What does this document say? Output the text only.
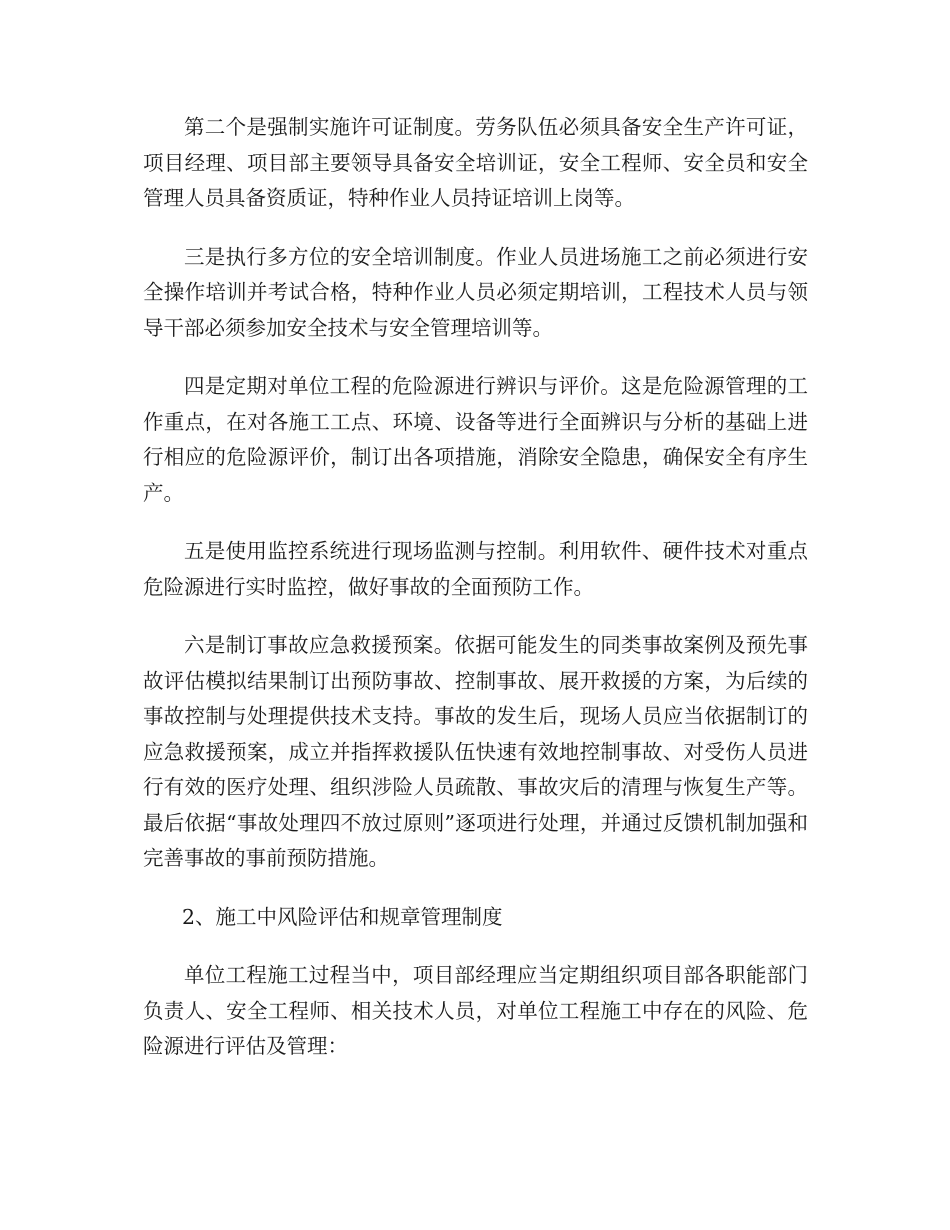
第二个是强制实施许可证制度。劳务队伍必须具备安全生产许可证，项目经理、项目部主要领导具备安全培训证，安全工程师、安全员和安全管理人员具备资质证，特种作业人员持证培训上岗等。

三是执行多方位的安全培训制度。作业人员进场施工之前必须进行安全操作培训并考试合格，特种作业人员必须定期培训，工程技术人员与领导干部必须参加安全技术与安全管理培训等。

四是定期对单位工程的危险源进行辨识与评价。这是危险源管理的工作重点，在对各施工工点、环境、设备等进行全面辨识与分析的基础上进行相应的危险源评价，制订出各项措施，消除安全隐患，确保安全有序生产。

五是使用监控系统进行现场监测与控制。利用软件、硬件技术对重点危险源进行实时监控，做好事故的全面预防工作。

六是制订事故应急救援预案。依据可能发生的同类事故案例及预先事故评估模拟结果制订出预防事故、控制事故、展开救援的方案，为后续的事故控制与处理提供技术支持。事故的发生后，现场人员应当依据制订的应急救援预案，成立并指挥救援队伍快速有效地控制事故、对受伤人员进行有效的医疗处理、组织涉险人员疏散、事故灾后的清理与恢复生产等。最后依据“事故处理四不放过原则”逐项进行处理，并通过反馈机制加强和完善事故的事前预防措施。

2、施工中风险评估和规章管理制度

单位工程施工过程当中，项目部经理应当定期组织项目部各职能部门负责人、安全工程师、相关技术人员，对单位工程施工中存在的风险、危险源进行评估及管理：
